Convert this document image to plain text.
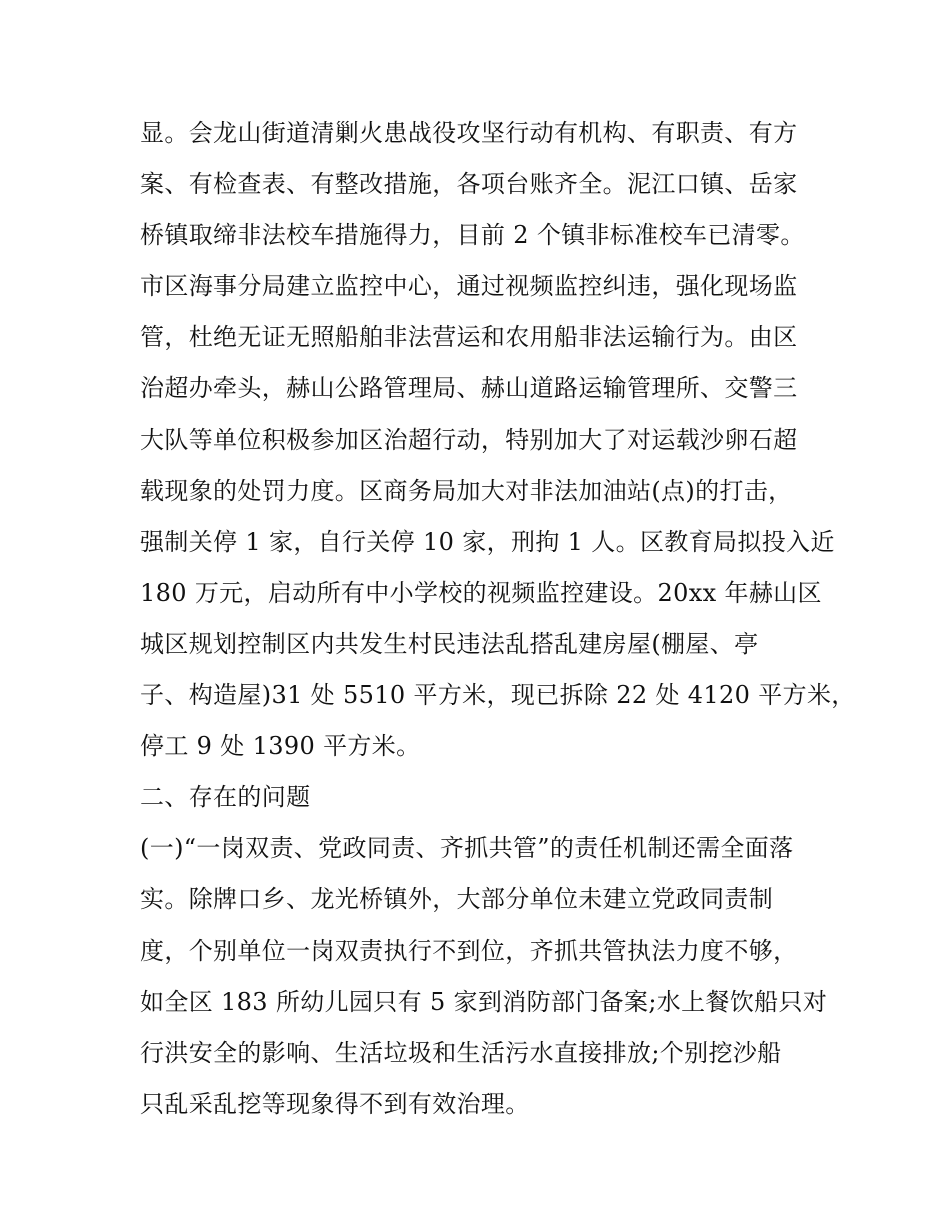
显。会龙山街道清剿火患战役攻坚行动有机构、有职责、有方
案、有检查表、有整改措施，各项台账齐全。泥江口镇、岳家
桥镇取缔非法校车措施得力，目前 2 个镇非标准校车已清零。
市区海事分局建立监控中心，通过视频监控纠违，强化现场监
管，杜绝无证无照船舶非法营运和农用船非法运输行为。由区
治超办牵头，赫山公路管理局、赫山道路运输管理所、交警三
大队等单位积极参加区治超行动，特别加大了对运载沙卵石超
载现象的处罚力度。区商务局加大对非法加油站(点)的打击，
强制关停 1 家，自行关停 10 家，刑拘 1 人。区教育局拟投入近
180 万元，启动所有中小学校的视频监控建设。20xx 年赫山区
城区规划控制区内共发生村民违法乱搭乱建房屋(棚屋、亭
子、构造屋)31 处 5510 平方米，现已拆除 22 处 4120 平方米，
停工 9 处 1390 平方米。
二、存在的问题
(一)“一岗双责、党政同责、齐抓共管”的责任机制还需全面落
实。除牌口乡、龙光桥镇外，大部分单位未建立党政同责制
度，个别单位一岗双责执行不到位，齐抓共管执法力度不够，
如全区 183 所幼儿园只有 5 家到消防部门备案;水上餐饮船只对
行洪安全的影响、生活垃圾和生活污水直接排放;个别挖沙船
只乱采乱挖等现象得不到有效治理。
